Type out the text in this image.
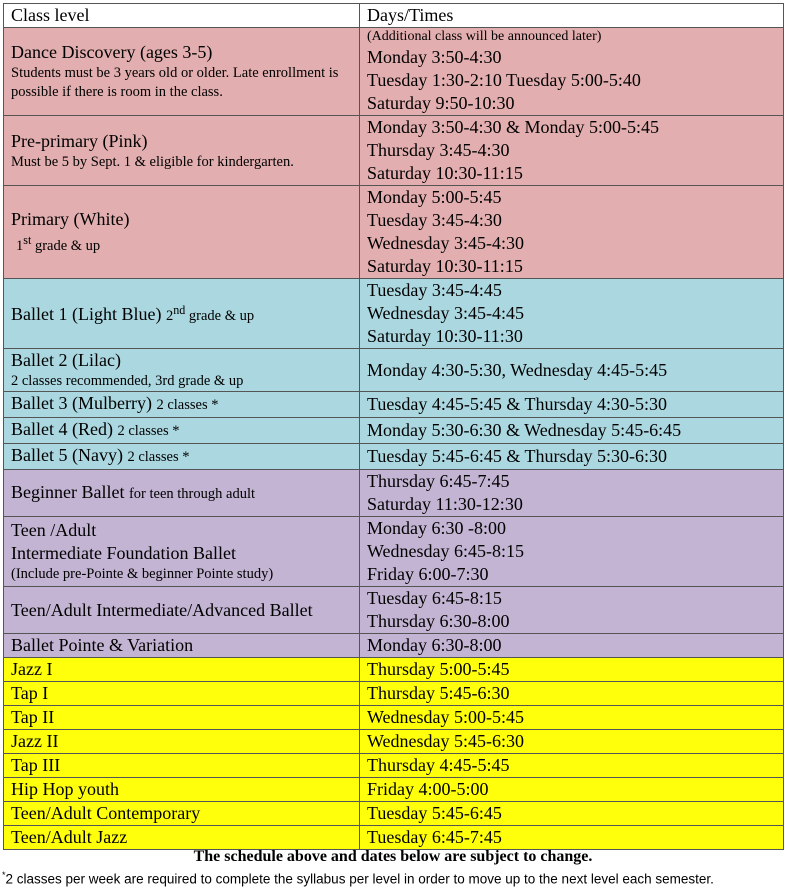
Class level	Days/Times
Dance Discovery (ages 3-5)
Students must be 3 years old or older. Late enrollment is possible if there is room in the class.	(Additional class will be announced later)
Monday 3:50-4:30
Tuesday 1:30-2:10 Tuesday 5:00-5:40
Saturday 9:50-10:30

Pre-primary (Pink)
Must be 5 by Sept. 1 & eligible for kindergarten.	Monday 3:50-4:30 & Monday 5:00-5:45
Thursday 3:45-4:30
Saturday 10:30-11:15

Primary (White)
1st grade & up	Monday 5:00-5:45
Tuesday 3:45-4:30
Wednesday 3:45-4:30
Saturday 10:30-11:15

Ballet 1 (Light Blue) 2nd grade & up	Tuesday 3:45-4:45
Wednesday 3:45-4:45
Saturday 10:30-11:30

Ballet 2 (Lilac)
2 classes recommended, 3rd grade & up	Monday 4:30-5:30, Wednesday 4:45-5:45

Ballet 3 (Mulberry) 2 classes *	Tuesday 4:45-5:45 & Thursday 4:30-5:30

Ballet 4 (Red) 2 classes *	Monday 5:30-6:30 & Wednesday 5:45-6:45

Ballet 5 (Navy) 2 classes *	Tuesday 5:45-6:45 & Thursday 5:30-6:30

Beginner Ballet for teen through adult	Thursday 6:45-7:45
Saturday 11:30-12:30

Teen /Adult
Intermediate Foundation Ballet
(Include pre-Pointe & beginner Pointe study)	Monday 6:30 -8:00
Wednesday 6:45-8:15
Friday 6:00-7:30

Teen/Adult Intermediate/Advanced Ballet	Tuesday 6:45-8:15
Thursday 6:30-8:00

Ballet Pointe & Variation	Monday 6:30-8:00

Jazz I	Thursday 5:00-5:45

Tap I	Thursday 5:45-6:30

Tap II	Wednesday 5:00-5:45

Jazz II	Wednesday 5:45-6:30

Tap III	Thursday 4:45-5:45

Hip Hop youth	Friday 4:00-5:00

Teen/Adult Contemporary	Tuesday 5:45-6:45

Teen/Adult Jazz	Tuesday 6:45-7:45
The schedule above and dates below are subject to change.
*2 classes per week are required to complete the syllabus per level in order to move up to the next level each semester.
